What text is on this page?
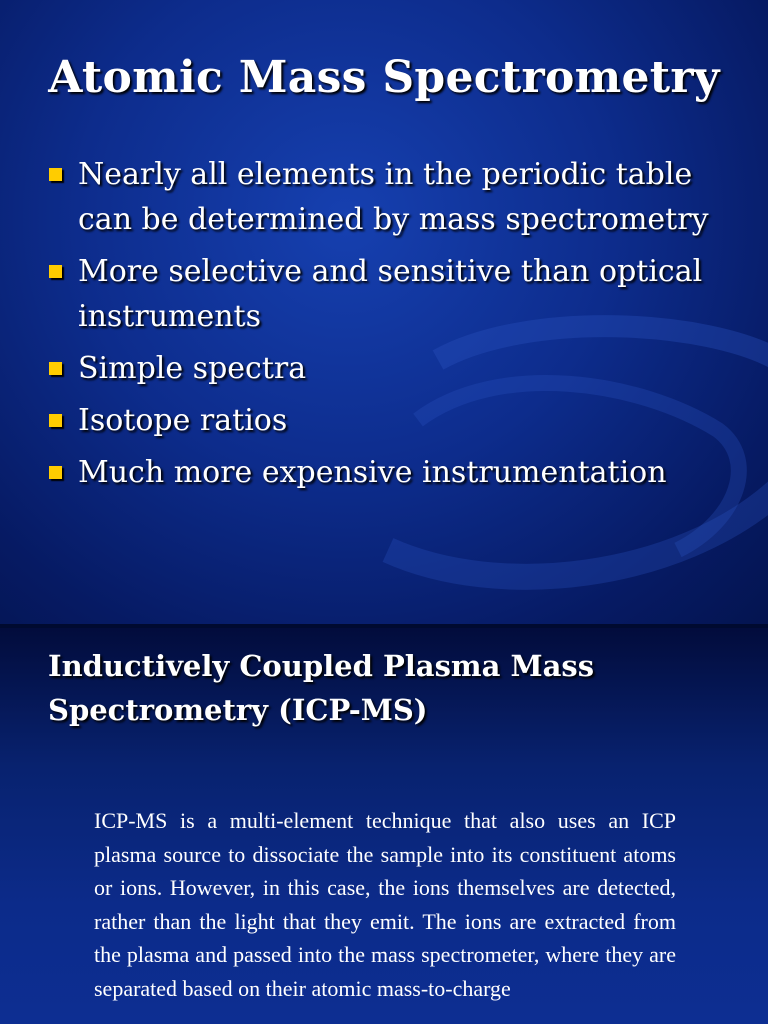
Atomic Mass Spectrometry
Nearly all elements in the periodic table can be determined by mass spectrometry
More selective and sensitive than optical instruments
Simple spectra
Isotope ratios
Much more expensive instrumentation
Inductively Coupled Plasma Mass Spectrometry (ICP-MS)
ICP-MS is a multi-element technique that also uses an ICP plasma source to dissociate the sample into its constituent atoms or ions. However, in this case, the ions themselves are detected, rather than the light that they emit. The ions are extracted from the plasma and passed into the mass spectrometer, where they are separated based on their atomic mass-to-charge
